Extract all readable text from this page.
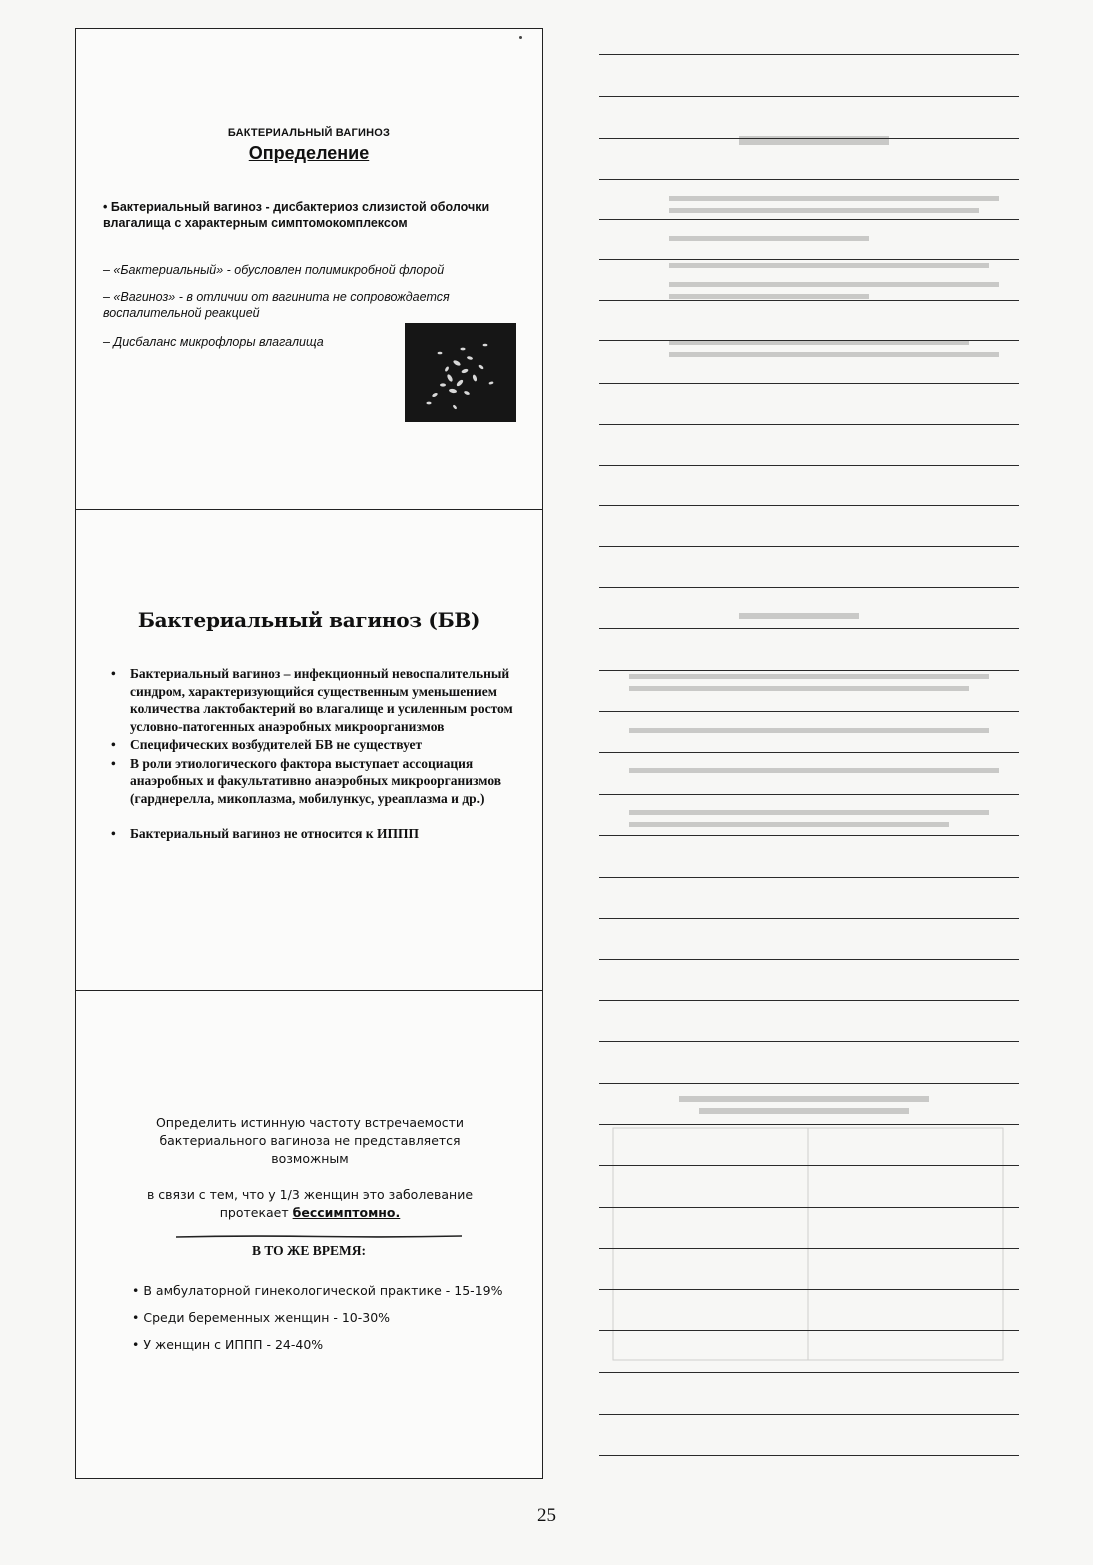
БАКТЕРИАЛЬНЫЙ ВАГИНОЗ
Определение
• Бактериальный вагиноз - дисбактериоз слизистой оболочки влагалища с характерным симптомокомплексом
– «Бактериальный» - обусловлен полимикробной флорой
– «Вагиноз» - в отличии от вагинита не сопровождается воспалительной реакцией
– Дисбаланс микрофлоры влагалища
Бактериальный вагиноз (БВ)
• Бактериальный вагиноз – инфекционный невоспалительный синдром, характеризующийся существенным уменьшением количества лактобактерий во влагалище и усиленным ростом условно-патогенных анаэробных микроорганизмов
• Специфических возбудителей БВ не существует
• В роли этиологического фактора выступает ассоциация анаэробных и факультативно анаэробных микроорганизмов (гарднерелла, микоплазма, мобилункус, уреаплазма и др.)
• Бактериальный вагиноз не относится к ИППП
Определить истинную частоту встречаемости бактериального вагиноза не представляется возможным
в связи с тем, что у 1/3 женщин это заболевание протекает бессимптомно.
В ТО ЖЕ ВРЕМЯ:
• В амбулаторной гинекологической практике - 15-19%
• Среди беременных женщин - 10-30%
• У женщин с ИППП - 24-40%
25
